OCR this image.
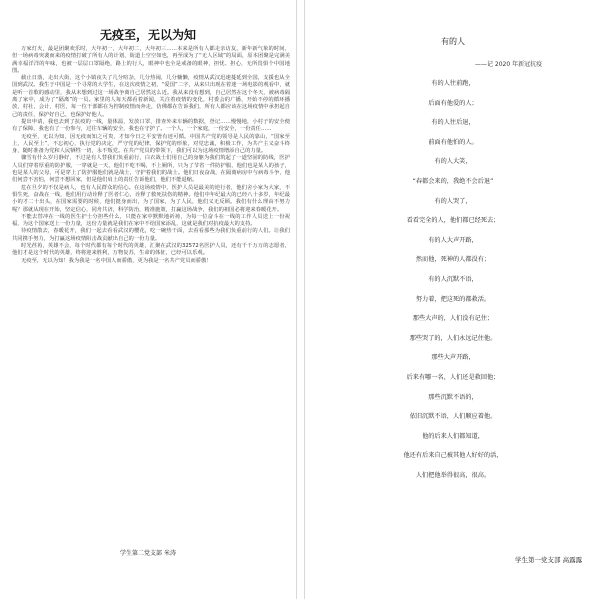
无疫至，无以为知

万家灯火，最是团聚欢乐时，大年初一，大年初二，大年初三……本来是所有人都走亲访友，新年新气象的时间，但一场病毒突袭而来的疫情打破了所有人的计划，街道上空空如也，再至成为了“无人区域”的局面，原本团聚是完满美满幸福洋洋的年味，也被一层层口罩隔绝，路上的行人，眼神中也全是戒备的眼神，担忧、担心，无所畏惧个中国地图。

截止日落，走出大街，这个小镇夜失了几分喧杂，几分热闹，几分慵懒，疫情从武汉迅速蔓延到全国，支援也从全国到武汉。我生于中国是一个寻常的大学生，在这次疫情之初，“爱国”二字，从来只出现在着迷一场电影的观看中，就是听一首歌的感动里，我从未想到过这一场战争离自己居然这么近。我从来没有想到，自己居然在这个冬天，被病毒隔离了家中，成为了“隔离”的一员。家里的人每天都看着新闻，关注着疫情的变化，村委会的广播，开始不停的循环播放，村社，会计，村医，每一位干部都在为控制疫情而奔走，仿佛都在告诉我们，所有人都应该在这场疫情中承担起自己的责任，保护好自己，也保护好他人。

提出申请，我也去到了抗疫的一线，量体温，发放口罩，排查外来车辆的数据，登记……慢慢地，小村子的安全便有了保障，我也有了一份参与，过往车辆的安全，我也在守护了。一个人，一个家庭，一份安全，一份责任……

无疫至，无以为知，因无疫而知之可贵，才知今日之平安皆有迹可循。中国共产党的领导是人民的靠山，“国家至上，人民至上”，不忘初心，执行党的决定，严守党的纪律，保护党的形象，对党忠诚，积极工作，为共产主义奋斗终身，随时准备为党和人民牺牲一切，永不叛党。在共产党员的带领下，我们可以为这场疫情增添自己的力量。

骤雪有什么岁月静好，不过是有人替我们负重前行，白衣战士们用自己的身躯为我们筑起了一道坚固的防线，医护人员们穿着厚重的防护服，一穿就是一天，他们不吃不喝，不上厕所，只为了节省一件防护服，他们也是某人的孩子，也是某人的父母，可是穿上了防护服他们就是战士，守护着我们的战士。他们日夜奋战，在隔离病房中与病毒斗争，他们何尝不害怕，何尝不想回家，但是他们肩上的责任告诉他们，他们不能退缩。

危在旦夕的不仅是病人，也有人民群众的信心。在这场疫情中，医护人员是最美的逆行者，他们舍小家为大家，不惧生死，奋战在一线，他们用行动诠释了医者仁心，诠释了救死扶伤的精神。他们中年纪最大的已经八十多岁，年纪最小的才二十出头，在国家需要的时候，他们挺身而出，为了国家，为了人民，他们义无反顾。我们有什么理由不努力呢？那就从现在开始，坚定信心，同舟共济，科学防治，精准施策，打赢这场战争，我们的祖国必将迎来春暖花开。

不能去替冲在一线的医生护士分担些什么，只能在家中默默地祈祷，为每一位奋斗在一线的工作人员送上一份祝福，为这个国家送上一份力量，这份力量就是我们在家中不给国家添乱，这就是我们对抗疫最大的支持。

待疫情散去，春暖花开，我们一起去看看武汉的樱花，吃一碗热干面，去看看那些为我们负重前行的人们。让我们共同携手努力，为打赢这场疫情阻击战贡献出自己的一份力量。

时光荏苒，英雄不会，每个时代都有每个时代的英雄，汇聚在武汉的32572名医护人员，还有千千万万的志愿者，他们才是这个时代的英雄，终将迎来胜利，万物复苏，生命的体征，已经可以乐观。

无疫至，无以为知！我为我是一名中国人而骄傲，更为我是一名共产党员而骄傲！

学生第二党支部 米涛
有的人
——记 2020 年新冠抗疫
有的人往前跑，
后面有他爱的人；
有的人往后退，
前面有他怕的人。
有的人大笑，
“春都会来的，我绝不会后退”
有的人哭了，
看看完全的人，他们都已经死去；
有的人大声开路，
然而他，死神的人都没有；
有的人沉默不语，
努力着，把这死的都救活。
那些大声的，人们没有记住；
那些哭了的，人们永远记住他。
那些大声开路，
后来有哪一名，人们还是救回他；
那些沉默不语的，
依旧沉默不语，人们顺应着他。
他的后来人们都知道，
他还有后来自己被其他人好好的活，
人们把他举得很高，很高。
学生第一党支部 高露露
